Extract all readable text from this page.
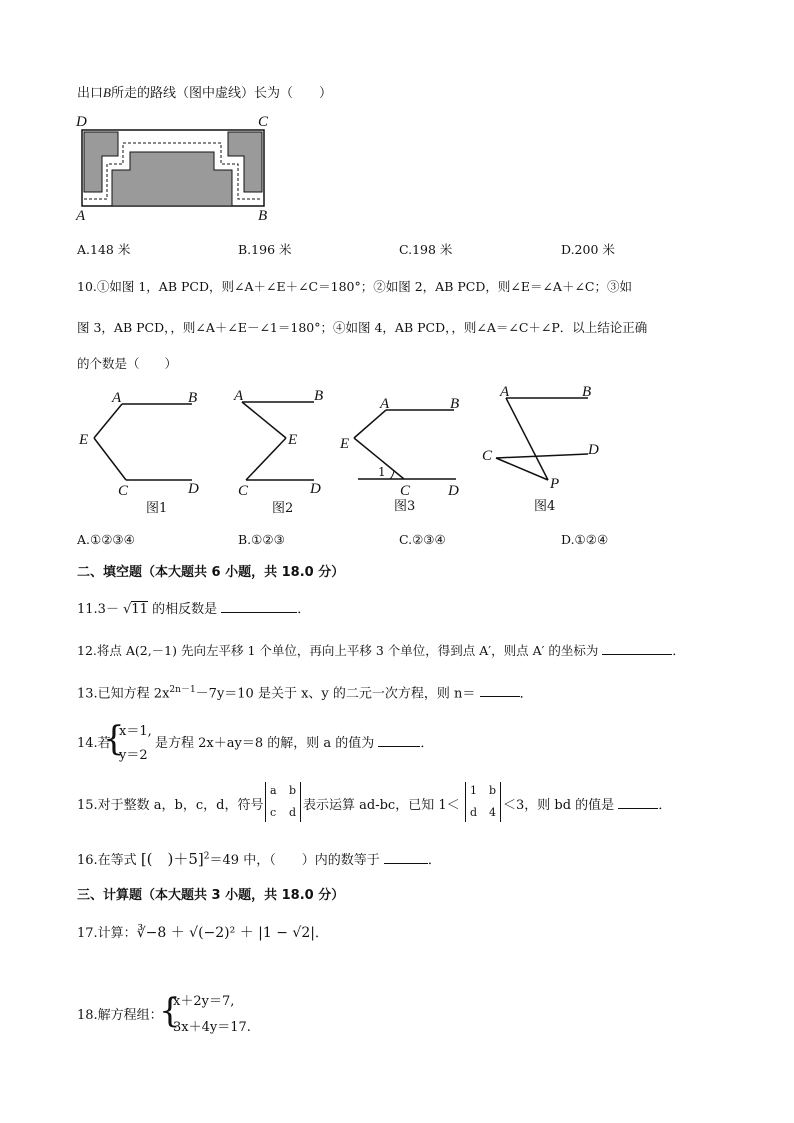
出口B所走的路线（图中虚线）长为（　　）
D	C
A	B
A.148 米	B.196 米	C.198 米	D.200 米
10.①如图 1，AB PCD，则∠A＋∠E＋∠C＝180°；②如图 2，AB PCD，则∠E＝∠A＋∠C；③如
图 3，AB PCD，，则∠A＋∠E－∠1＝180°；④如图 4，AB PCD，，则∠A＝∠C＋∠P．以上结论正确
的个数是（　　）
A	B
E
C	D
图1
A	B
E
C	D
图2
A	B
E
1
C	D
图3
A	B
C	D
P
图4
A.①②③④	B.①②③	C.②③④	D.①②④
二、填空题（本大题共 6 小题，共 18.0 分）
11.3－ √11 的相反数是	．
12.将点 A(2,－1) 先向左平移 1 个单位，再向上平移 3 个单位，得到点 A′，则点 A′ 的坐标为	．
13.已知方程 $2x^{2n-1}-7y=10$ 是关于 x、y 的二元一次方程，则 n＝	．
14.若
{
x＝1,
y＝2
是方程 2x＋ay＝8 的解，则 a 的值为	．
15.对于整数 a，b，c，d，符号
a b
c d 表示运算 ad-bc，已知 1＜
1 b
d 4 ＜3，则 bd 的值是	．
16.在等式 [(　)＋5]$^2$＝49 中，（　　）内的数等于	．
三、计算题（本大题共 3 小题，共 18.0 分）
17.计算：∛−8 ＋ √(−2)² ＋ |1 − √2|．
18.解方程组：
{
x＋2y＝7,
3x＋4y＝17.
